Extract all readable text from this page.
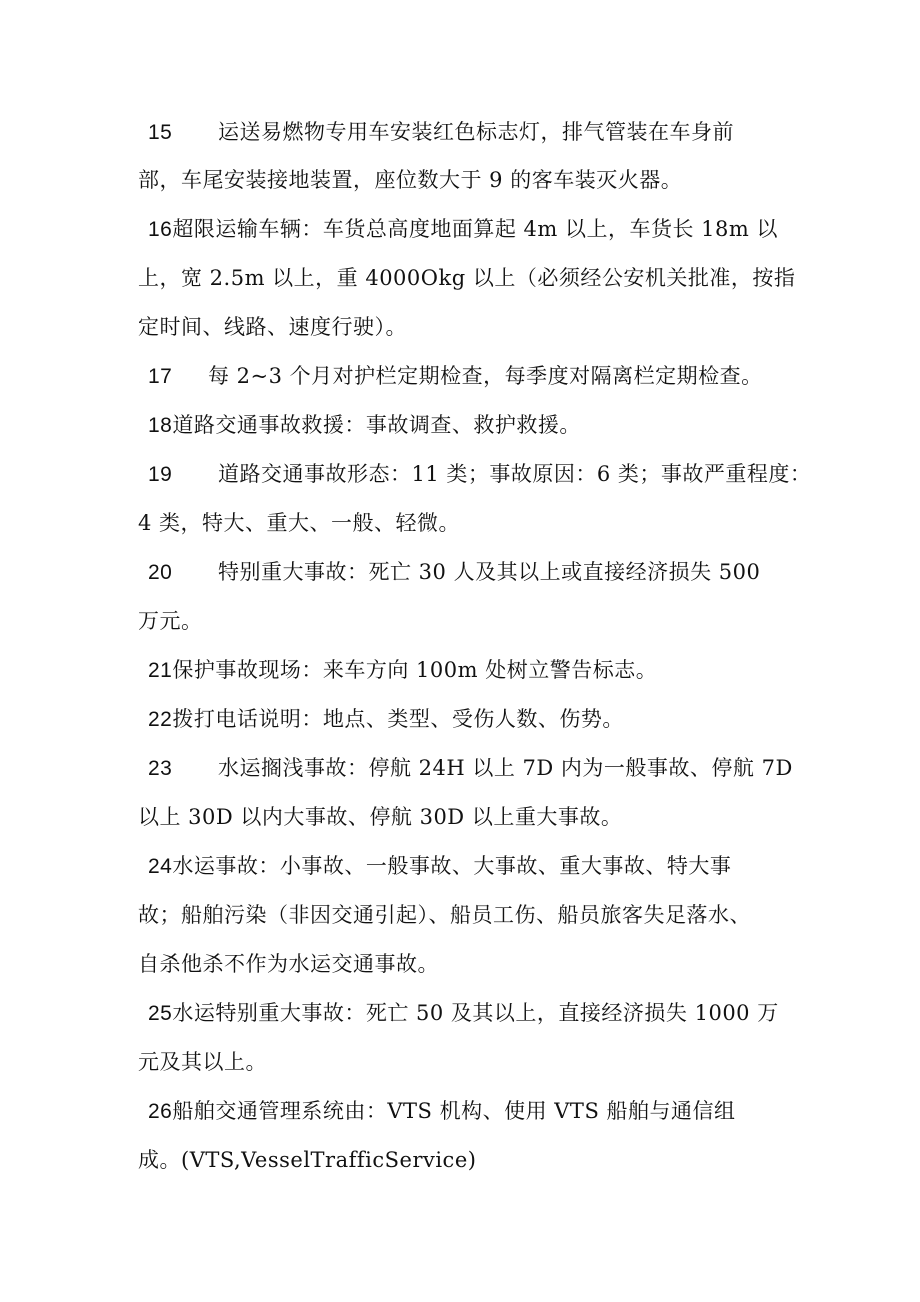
15 运送易燃物专用车安装红色标志灯，排气管装在车身前
部，车尾安装接地装置，座位数大于 9 的客车装灭火器。
16超限运输车辆：车货总高度地面算起 4m 以上，车货长 18m 以
上，宽 2.5m 以上，重 4000Okg 以上（必须经公安机关批准，按指
定时间、线路、速度行驶）。
17 每 2~3 个月对护栏定期检查，每季度对隔离栏定期检查。
18道路交通事故救援：事故调查、救护救援。
19 道路交通事故形态：11 类；事故原因：6 类；事故严重程度：
4 类，特大、重大、一般、轻微。
20 特别重大事故：死亡 30 人及其以上或直接经济损失 500
万元。
21保护事故现场：来车方向 100m 处树立警告标志。
22拨打电话说明：地点、类型、受伤人数、伤势。
23 水运搁浅事故：停航 24H 以上 7D 内为一般事故、停航 7D
以上 30D 以内大事故、停航 30D 以上重大事故。
24水运事故：小事故、一般事故、大事故、重大事故、特大事
故；船舶污染（非因交通引起）、船员工伤、船员旅客失足落水、
自杀他杀不作为水运交通事故。
25水运特别重大事故：死亡 50 及其以上，直接经济损失 1000 万
元及其以上。
26船舶交通管理系统由：VTS 机构、使用 VTS 船舶与通信组
成。(VTS,VesselTrafficService)
